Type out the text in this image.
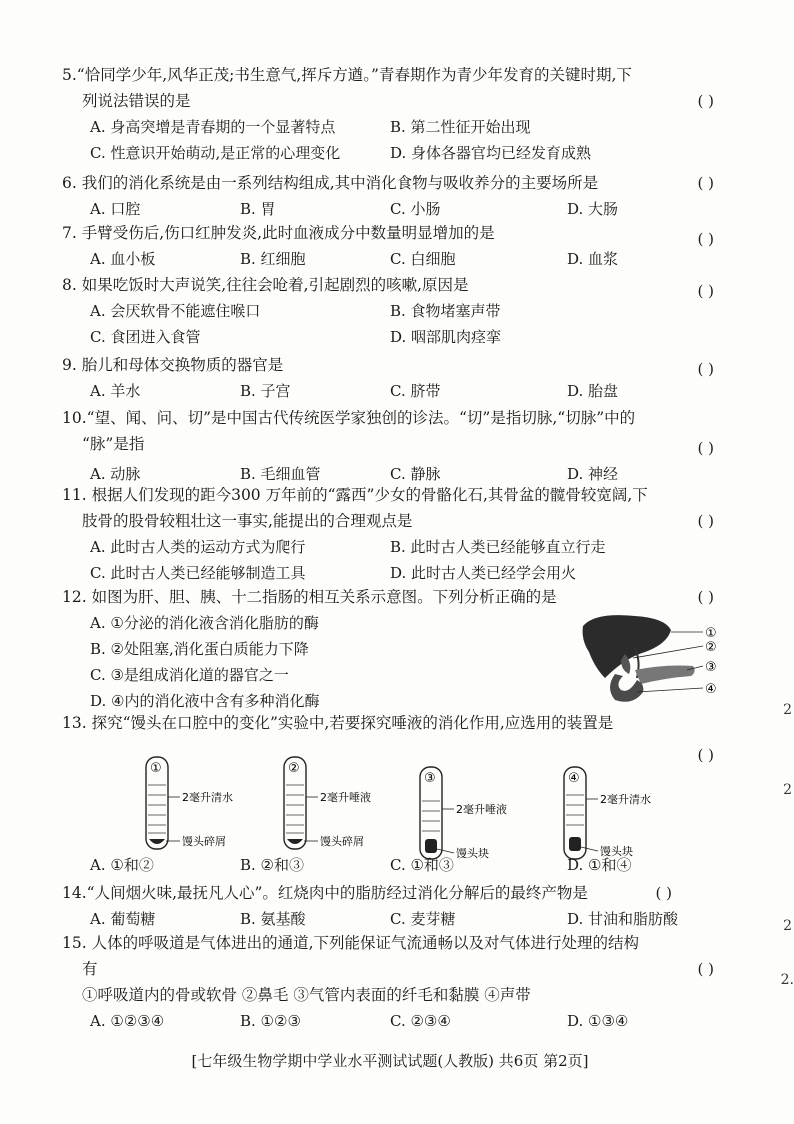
5.“恰同学少年,风华正茂;书生意气,挥斥方遒。”青春期作为青少年发育的关键时期,下
列说法错误的是	( )
A. 身高突增是青春期的一个显著特点	B. 第二性征开始出现
C. 性意识开始萌动,是正常的心理变化	D. 身体各器官均已经发育成熟
6. 我们的消化系统是由一系列结构组成,其中消化食物与吸收养分的主要场所是	( )
A. 口腔	B. 胃	C. 小肠	D. 大肠
7. 手臂受伤后,伤口红肿发炎,此时血液成分中数量明显增加的是	( )
A. 血小板	B. 红细胞	C. 白细胞	D. 血浆
8. 如果吃饭时大声说笑,往往会呛着,引起剧烈的咳嗽,原因是	( )
A. 会厌软骨不能遮住喉口	B. 食物堵塞声带
C. 食团进入食管	D. 咽部肌肉痉挛
9. 胎儿和母体交换物质的器官是	( )
A. 羊水	B. 子宫	C. 脐带	D. 胎盘
10.“望、闻、问、切”是中国古代传统医学家独创的诊法。“切”是指切脉,“切脉”中的
“脉”是指	( )
A. 动脉	B. 毛细血管	C. 静脉	D. 神经
11. 根据人们发现的距今300 万年前的“露西”少女的骨骼化石,其骨盆的髋骨较宽阔,下
肢骨的股骨较粗壮这一事实,能提出的合理观点是	( )
A. 此时古人类的运动方式为爬行	B. 此时古人类已经能够直立行走
C. 此时古人类已经能够制造工具	D. 此时古人类已经学会用火
12. 如图为肝、胆、胰、十二指肠的相互关系示意图。下列分析正确的是	( )
A. ①分泌的消化液含消化脂肪的酶
B. ②处阻塞,消化蛋白质能力下降
C. ③是组成消化道的器官之一
D. ④内的消化液中含有多种消化酶
①
②
③
④
13. 探究“馒头在口腔中的变化”实验中,若要探究唾液的消化作用,应选用的装置是
( )
①
2毫升清水
馒头碎屑
②
2毫升唾液
馒头碎屑
③
2毫升唾液
馒头块
④
2毫升清水
馒头块
A. ①和②	B. ②和③	C. ①和③	D. ①和④
14.“人间烟火味,最抚凡人心”。红烧肉中的脂肪经过消化分解后的最终产物是	( )
A. 葡萄糖	B. 氨基酸	C. 麦芽糖	D. 甘油和脂肪酸
15. 人体的呼吸道是气体进出的通道,下列能保证气流通畅以及对气体进行处理的结构
有	( )
①呼吸道内的骨或软骨 ②鼻毛 ③气管内表面的纤毛和黏膜 ④声带
A. ①②③④	B. ①②③	C. ②③④	D. ①③④
2
2
2
2.
[七年级生物学期中学业水平测试试题(人教版) 共6页 第2页]
